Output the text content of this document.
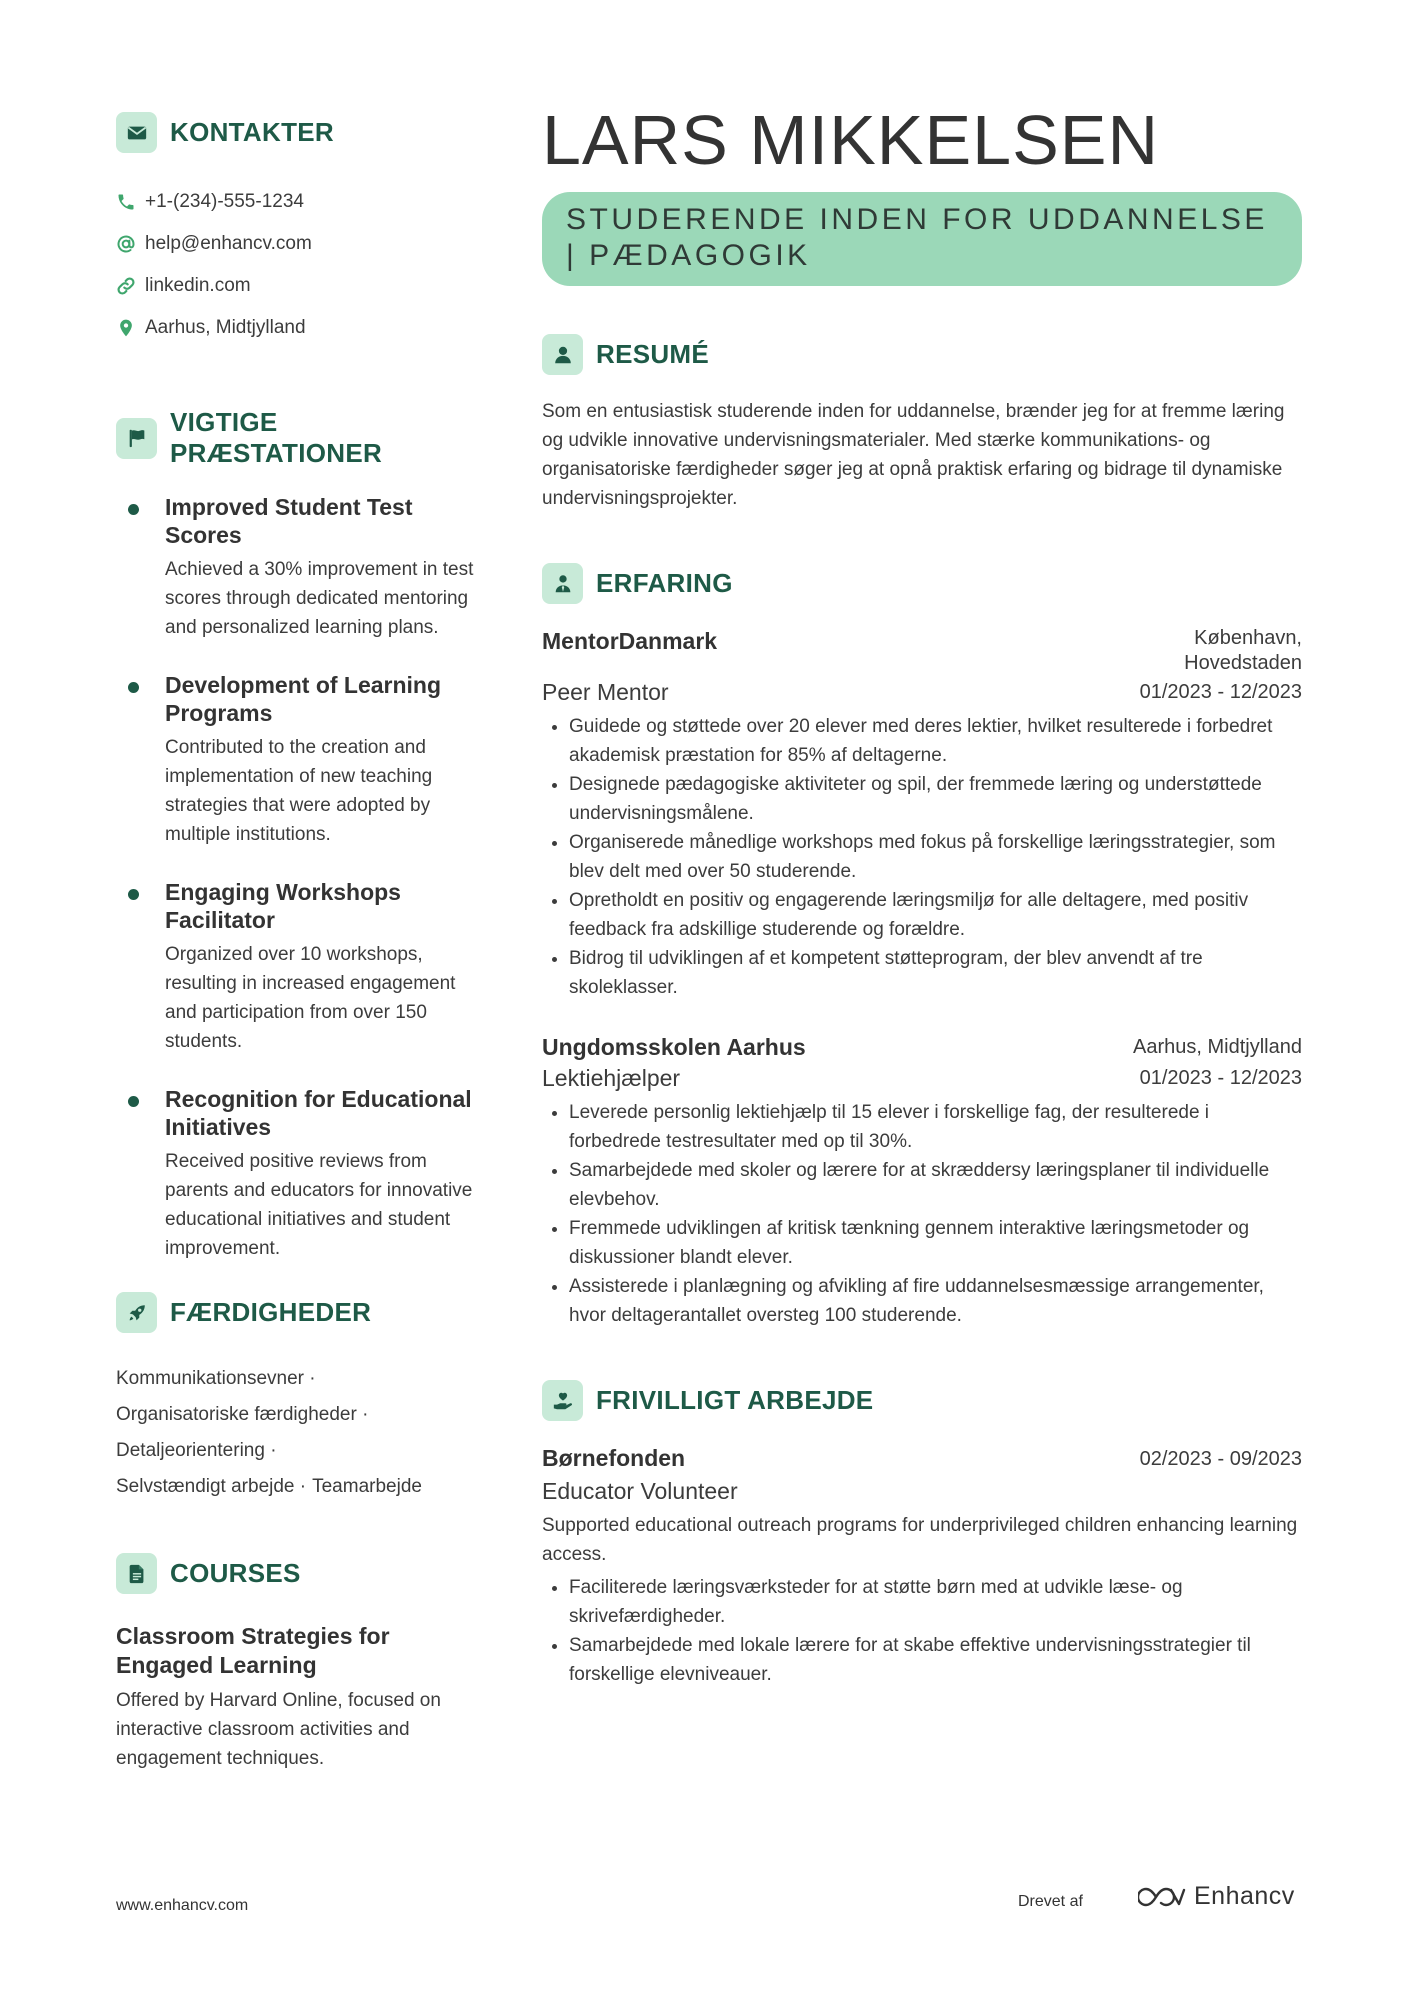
KONTAKTER
+1-(234)-555-1234
help@enhancv.com
linkedin.com
Aarhus, Midtjylland
VIGTIGE PRÆSTATIONER
Improved Student Test Scores
Achieved a 30% improvement in test scores through dedicated mentoring and personalized learning plans.
Development of Learning Programs
Contributed to the creation and implementation of new teaching strategies that were adopted by multiple institutions.
Engaging Workshops Facilitator
Organized over 10 workshops, resulting in increased engagement and participation from over 150 students.
Recognition for Educational Initiatives
Received positive reviews from parents and educators for innovative educational initiatives and student improvement.
FÆRDIGHEDER
Kommunikationsevner ·
Organisatoriske færdigheder ·
Detaljeorientering ·
Selvstændigt arbejde · Teamarbejde
COURSES
Classroom Strategies for Engaged Learning
Offered by Harvard Online, focused on interactive classroom activities and engagement techniques.
LARS MIKKELSEN
STUDERENDE INDEN FOR UDDANNELSE | PÆDAGOGIK
RESUMÉ
Som en entusiastisk studerende inden for uddannelse, brænder jeg for at fremme læring og udvikle innovative undervisningsmaterialer. Med stærke kommunikations- og organisatoriske færdigheder søger jeg at opnå praktisk erfaring og bidrage til dynamiske undervisningsprojekter.
ERFARING
MentorDanmark	København, Hovedstaden
Peer Mentor	01/2023 - 12/2023
• Guidede og støttede over 20 elever med deres lektier, hvilket resulterede i forbedret akademisk præstation for 85% af deltagerne.
• Designede pædagogiske aktiviteter og spil, der fremmede læring og understøttede undervisningsmålene.
• Organiserede månedlige workshops med fokus på forskellige læringsstrategier, som blev delt med over 50 studerende.
• Opretholdt en positiv og engagerende læringsmiljø for alle deltagere, med positiv feedback fra adskillige studerende og forældre.
• Bidrog til udviklingen af et kompetent støtteprogram, der blev anvendt af tre skoleklasser.
Ungdomsskolen Aarhus	Aarhus, Midtjylland
Lektiehjælper	01/2023 - 12/2023
• Leverede personlig lektiehjælp til 15 elever i forskellige fag, der resulterede i forbedrede testresultater med op til 30%.
• Samarbejdede med skoler og lærere for at skræddersy læringsplaner til individuelle elevbehov.
• Fremmede udviklingen af kritisk tænkning gennem interaktive læringsmetoder og diskussioner blandt elever.
• Assisterede i planlægning og afvikling af fire uddannelsesmæssige arrangementer, hvor deltagerantallet oversteg 100 studerende.
FRIVILLIGT ARBEJDE
Børnefonden	02/2023 - 09/2023
Educator Volunteer
Supported educational outreach programs for underprivileged children enhancing learning access.
• Faciliterede læringsværksteder for at støtte børn med at udvikle læse- og skrivefærdigheder.
• Samarbejdede med lokale lærere for at skabe effektive undervisningsstrategier til forskellige elevniveauer.
www.enhancv.com	Drevet af	Enhancv
